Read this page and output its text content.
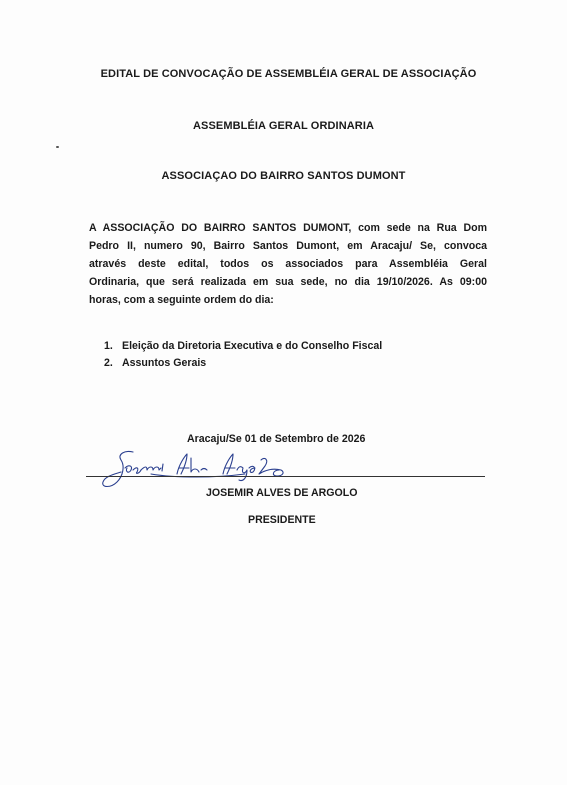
EDITAL DE CONVOCAÇÃO DE ASSEMBLÉIA GERAL DE ASSOCIAÇÃO
ASSEMBLÉIA GERAL ORDINARIA
ASSOCIAÇAO DO BAIRRO SANTOS DUMONT
A ASSOCIAÇÃO DO BAIRRO SANTOS DUMONT, com sede na Rua Dom
Pedro II, numero 90, Bairro Santos Dumont, em Aracaju/ Se, convoca
através deste edital, todos os associados para Assembléia Geral
Ordinaria, que será realizada em sua sede, no dia 19/10/2026. As 09:00
horas, com a seguinte ordem do dia:
1. Eleição da Diretoria Executiva e do Conselho Fiscal
2. Assuntos Gerais
Aracaju/Se 01 de Setembro de 2026
Josemir Alves Argolo	JOSEMIR ALVES DE ARGOLO
PRESIDENTE
